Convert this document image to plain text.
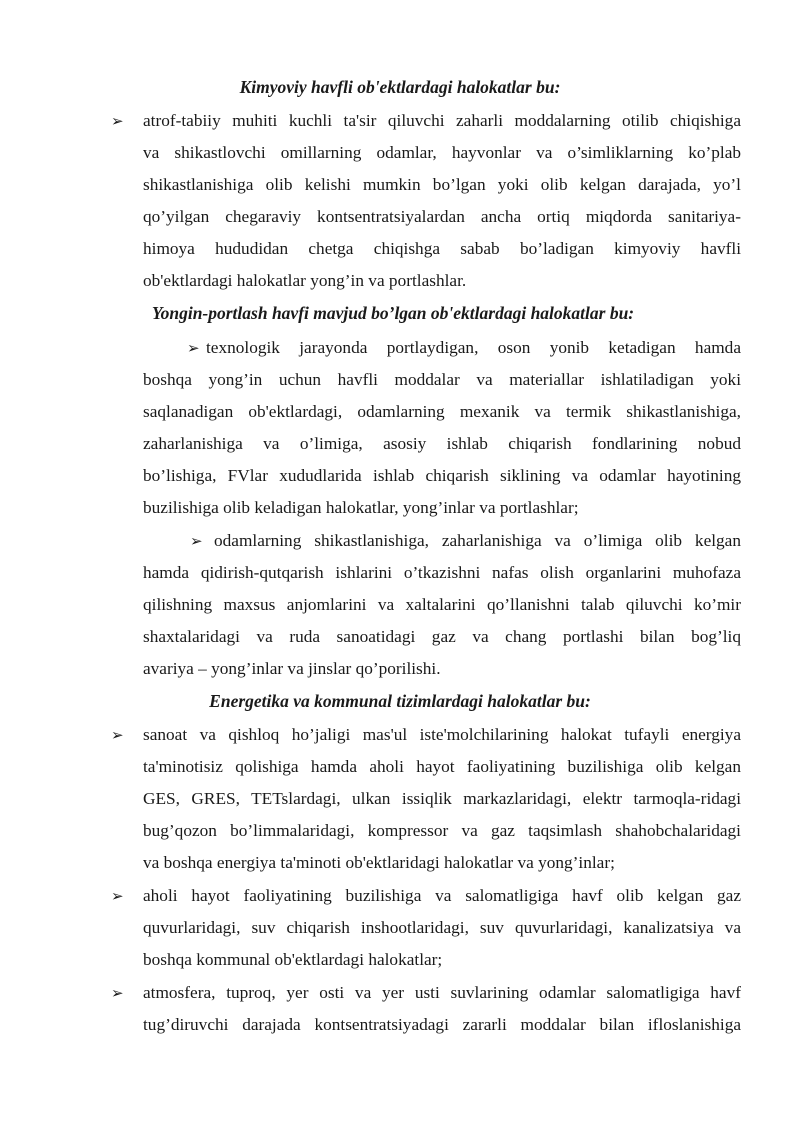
Kimyoviy havfli ob'ektlardagi halokatlar bu:
➢ atrof-tabiiy muhiti kuchli ta'sir qiluvchi zaharli moddalarning otilib chiqishiga
va shikastlovchi omillarning odamlar, hayvonlar va o’simliklarning ko’plab
shikastlanishiga olib kelishi mumkin bo’lgan yoki olib kelgan darajada, yo’l
qo’yilgan chegaraviy kontsentratsiyalardan ancha ortiq miqdorda sanitariya-
himoya hududidan chetga chiqishga sabab bo’ladigan kimyoviy havfli
ob'ektlardagi halokatlar yong’in va portlashlar.
Yongin-portlash havfi mavjud bo’lgan ob'ektlardagi halokatlar bu:
➢ texnologik jarayonda portlaydigan, oson yonib ketadigan hamda
boshqa yong’in uchun havfli moddalar va materiallar ishlatiladigan yoki
saqlanadigan ob'ektlardagi, odamlarning mexanik va termik shikastlanishiga,
zaharlanishiga va o’limiga, asosiy ishlab chiqarish fondlarining nobud
bo’lishiga, FVlar xududlarida ishlab chiqarish siklining va odamlar hayotining
buzilishiga olib keladigan halokatlar, yong’inlar va portlashlar;
➢ odamlarning shikastlanishiga, zaharlanishiga va o’limiga olib kelgan
hamda qidirish-qutqarish ishlarini o’tkazishni nafas olish organlarini muhofaza
qilishning maxsus anjomlarini va xaltalarini qo’llanishni talab qiluvchi ko’mir
shaxtalaridagi va ruda sanoatidagi gaz va chang portlashi bilan bog’liq
avariya – yong’inlar va jinslar qo’porilishi.
Energetika va kommunal tizimlardagi halokatlar bu:
➢ sanoat va qishloq ho’jaligi mas'ul iste'molchilarining halokat tufayli energiya
ta'minotisiz qolishiga hamda aholi hayot faoliyatining buzilishiga olib kelgan
GES, GRES, TETslardagi, ulkan issiqlik markazlaridagi, elektr tarmoqla-ridagi
bug’qozon bo’limmalaridagi, kompressor va gaz taqsimlash shahobchalaridagi
va boshqa energiya ta'minoti ob'ektlaridagi halokatlar va yong’inlar;
➢ aholi hayot faoliyatining buzilishiga va salomatligiga havf olib kelgan gaz
quvurlaridagi, suv chiqarish inshootlaridagi, suv quvurlaridagi, kanalizatsiya va
boshqa kommunal ob'ektlardagi halokatlar;
➢ atmosfera, tuproq, yer osti va yer usti suvlarining odamlar salomatligiga havf
tug’diruvchi darajada kontsentratsiyadagi zararli moddalar bilan ifloslanishiga
